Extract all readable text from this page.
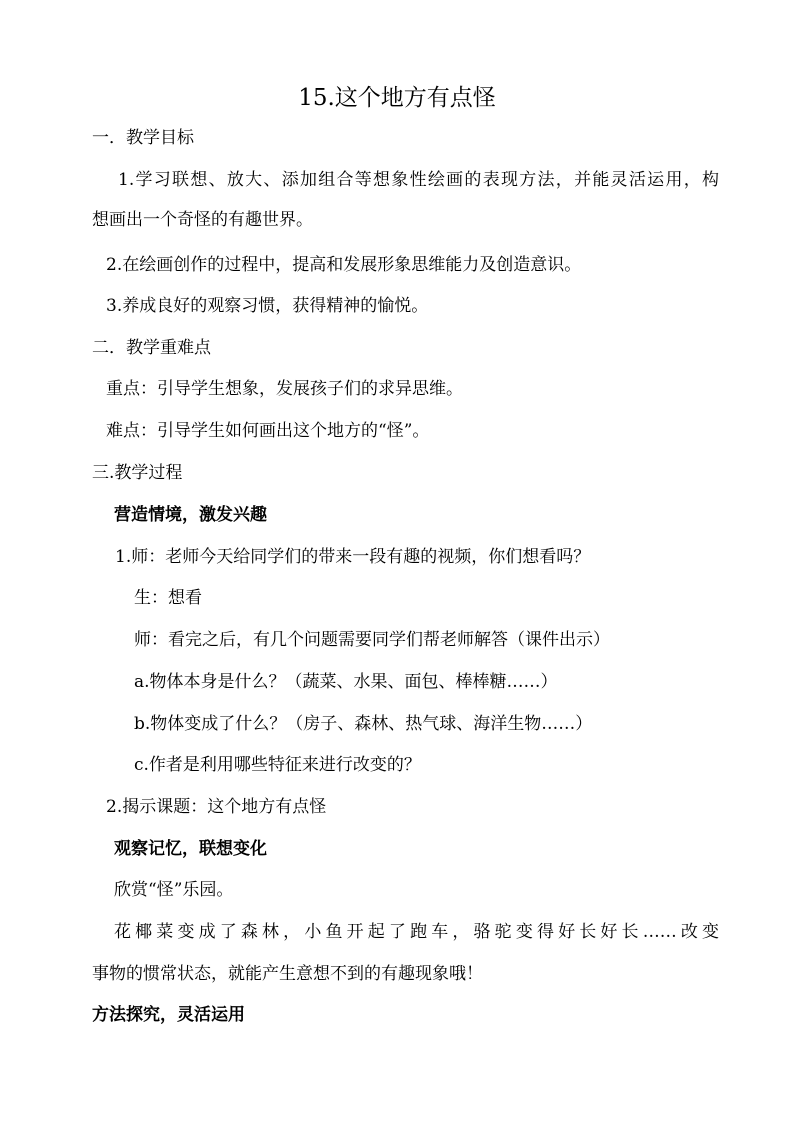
15.这个地方有点怪
一．教学目标
1.学习联想、放大、添加组合等想象性绘画的表现方法，并能灵活运用，构
想画出一个奇怪的有趣世界。
2.在绘画创作的过程中，提高和发展形象思维能力及创造意识。
3.养成良好的观察习惯，获得精神的愉悦。
二．教学重难点
重点：引导学生想象，发展孩子们的求异思维。
难点：引导学生如何画出这个地方的“怪”。
三.教学过程
营造情境，激发兴趣
1.师：老师今天给同学们的带来一段有趣的视频，你们想看吗？
生：想看
师：看完之后，有几个问题需要同学们帮老师解答（课件出示）
a.物体本身是什么？（蔬菜、水果、面包、棒棒糖……）
b.物体变成了什么？（房子、森林、热气球、海洋生物……）
c.作者是利用哪些特征来进行改变的？
2.揭示课题：这个地方有点怪
观察记忆，联想变化
欣赏“怪”乐园。
花椰菜变成了森林，小鱼开起了跑车，骆驼变得好长好长……改变
事物的惯常状态，就能产生意想不到的有趣现象哦！
方法探究，灵活运用
